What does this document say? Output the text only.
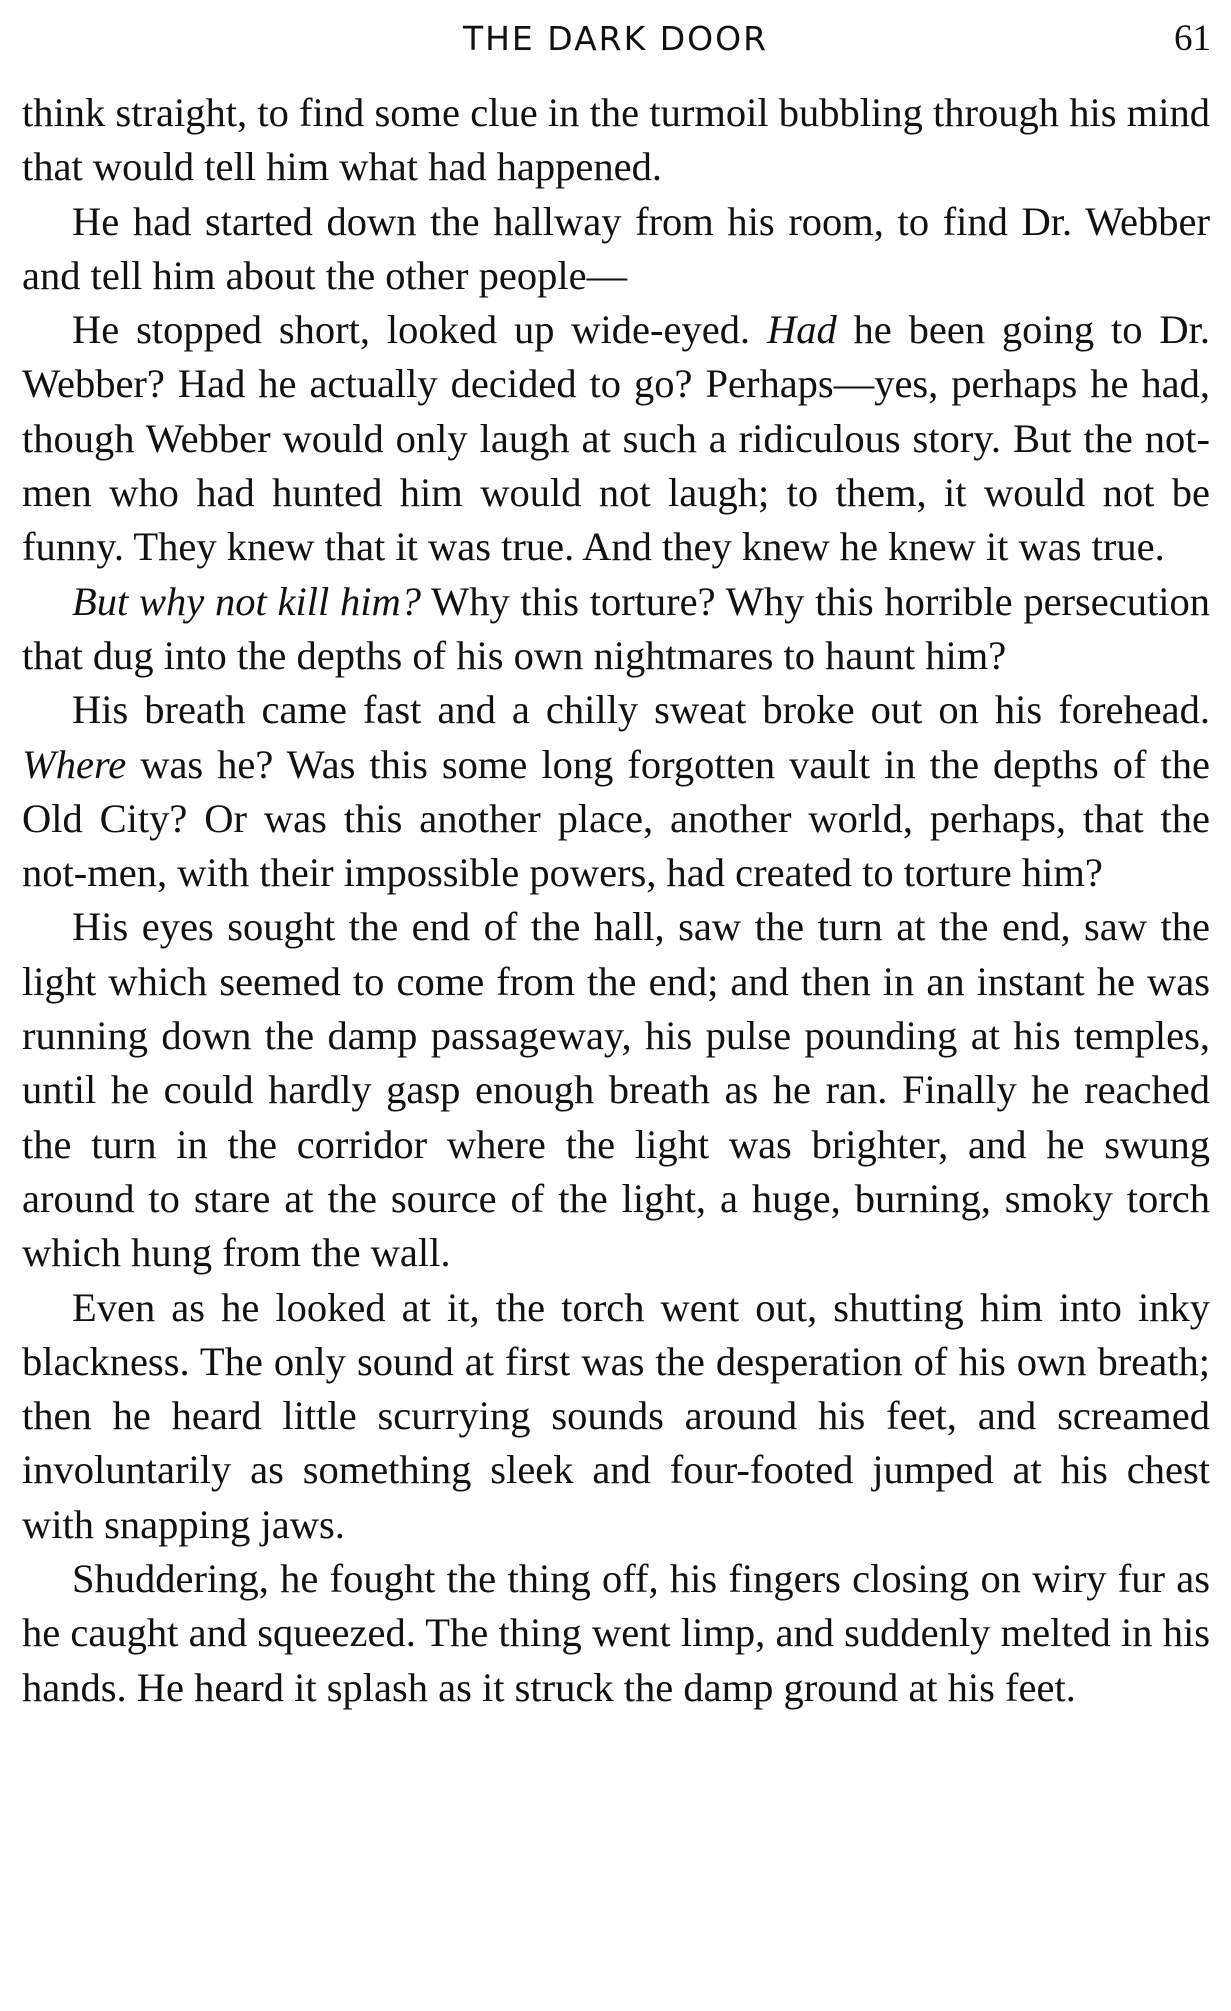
THE DARK DOOR	61

think straight, to find some clue in the turmoil bubbling through his mind that would tell him what had happened.

He had started down the hallway from his room, to find Dr. Webber and tell him about the other people—

He stopped short, looked up wide-eyed. Had he been going to Dr. Webber? Had he actually decided to go? Perhaps—yes, perhaps he had, though Webber would only laugh at such a ridiculous story. But the not-men who had hunted him would not laugh; to them, it would not be funny. They knew that it was true. And they knew he knew it was true.

But why not kill him? Why this torture? Why this horrible persecution that dug into the depths of his own nightmares to haunt him?

His breath came fast and a chilly sweat broke out on his forehead. Where was he? Was this some long forgotten vault in the depths of the Old City? Or was this another place, another world, perhaps, that the not-men, with their impossible powers, had created to torture him?

His eyes sought the end of the hall, saw the turn at the end, saw the light which seemed to come from the end; and then in an instant he was running down the damp passageway, his pulse pounding at his temples, until he could hardly gasp enough breath as he ran. Finally he reached the turn in the corridor where the light was brighter, and he swung around to stare at the source of the light, a huge, burning, smoky torch which hung from the wall.

Even as he looked at it, the torch went out, shutting him into inky blackness. The only sound at first was the desperation of his own breath; then he heard little scurrying sounds around his feet, and screamed involuntarily as something sleek and four-footed jumped at his chest with snapping jaws.

Shuddering, he fought the thing off, his fingers closing on wiry fur as he caught and squeezed. The thing went limp, and suddenly melted in his hands. He heard it splash as it struck the damp ground at his feet.
